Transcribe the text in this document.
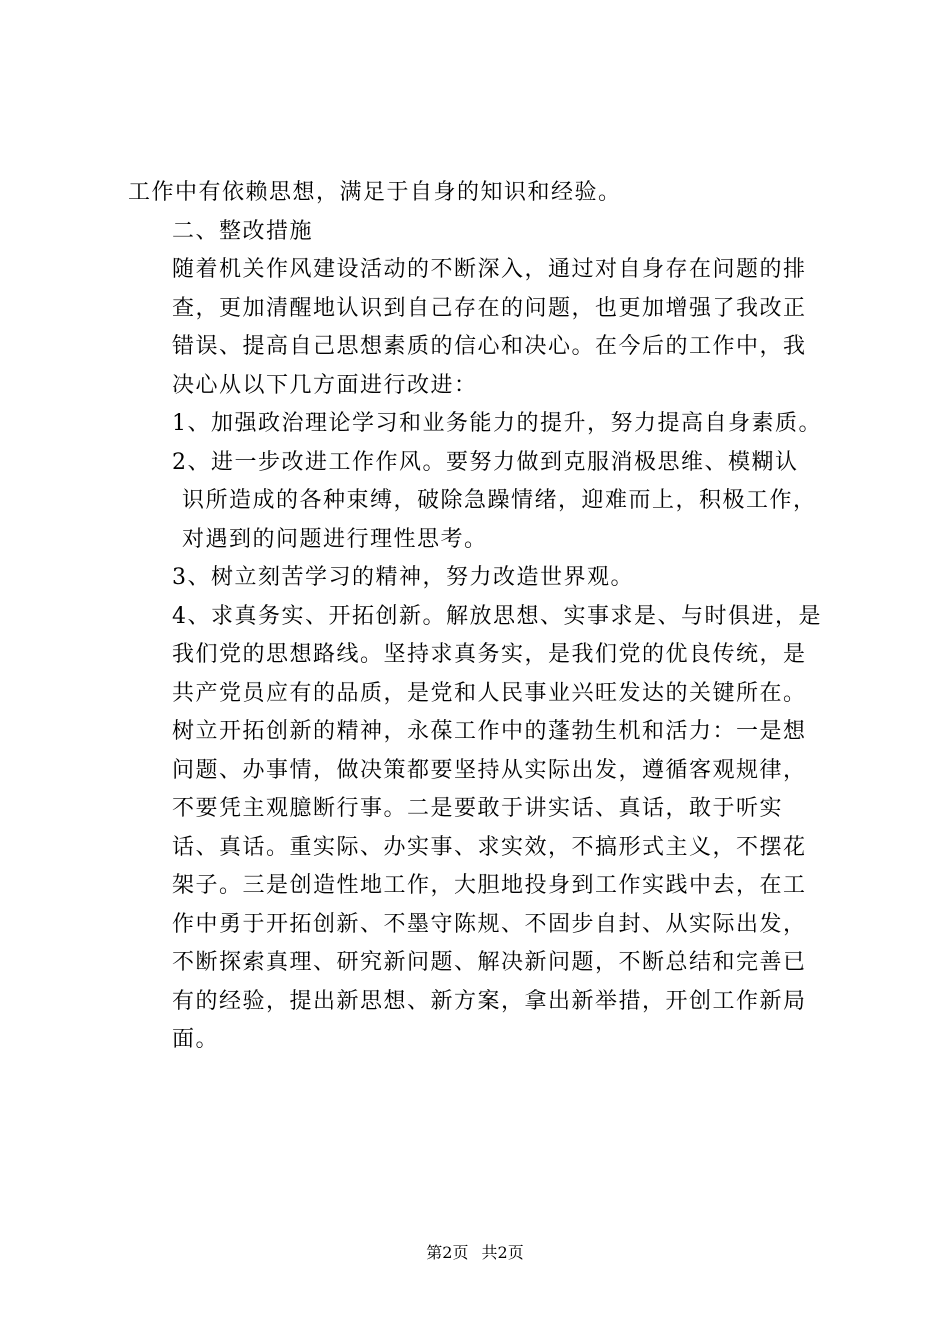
工作中有依赖思想，满足于自身的知识和经验。

二、整改措施

随着机关作风建设活动的不断深入，通过对自身存在问题的排查，更加清醒地认识到自己存在的问题，也更加增强了我改正错误、提高自己思想素质的信心和决心。在今后的工作中，我决心从以下几方面进行改进：

1、加强政治理论学习和业务能力的提升，努力提高自身素质。

2、进一步改进工作作风。要努力做到克服消极思维、模糊认

识所造成的各种束缚，破除急躁情绪，迎难而上，积极工作，对遇到的问题进行理性思考。

3、树立刻苦学习的精神，努力改造世界观。

4、求真务实、开拓创新。解放思想、实事求是、与时俱进，是我们党的思想路线。坚持求真务实，是我们党的优良传统，是共产党员应有的品质，是党和人民事业兴旺发达的关键所在。树立开拓创新的精神，永葆工作中的蓬勃生机和活力：一是想问题、办事情，做决策都要坚持从实际出发，遵循客观规律，不要凭主观臆断行事。二是要敢于讲实话、真话，敢于听实话、真话。重实际、办实事、求实效，不搞形式主义，不摆花架子。三是创造性地工作，大胆地投身到工作实践中去，在工作中勇于开拓创新、不墨守陈规、不固步自封、从实际出发，不断探索真理、研究新问题、解决新问题，不断总结和完善已有的经验，提出新思想、新方案，拿出新举措，开创工作新局面。

第2页 共2页
